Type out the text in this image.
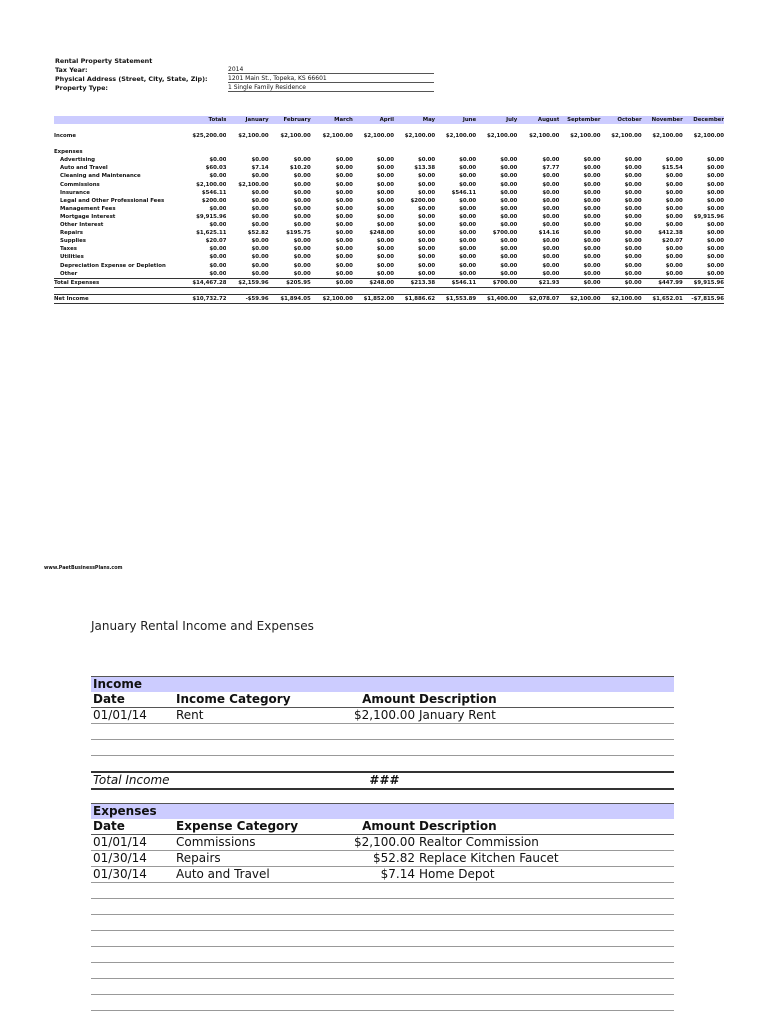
Rental Property Statement
Tax Year:	2014
Physical Address (Street, City, State, Zip):	1201 Main St., Topeka, KS 66601
Property Type:	1 Single Family Residence
	Totals	January	February	March	April	May	June	July	August	September	October	November	December

Income	$25,200.00	$2,100.00	$2,100.00	$2,100.00	$2,100.00	$2,100.00	$2,100.00	$2,100.00	$2,100.00	$2,100.00	$2,100.00	$2,100.00	$2,100.00

Expenses													
Advertising	$0.00	$0.00	$0.00	$0.00	$0.00	$0.00	$0.00	$0.00	$0.00	$0.00	$0.00	$0.00	$0.00
Auto and Travel	$60.03	$7.14	$10.20	$0.00	$0.00	$13.38	$0.00	$0.00	$7.77	$0.00	$0.00	$15.54	$0.00
Cleaning and Maintenance	$0.00	$0.00	$0.00	$0.00	$0.00	$0.00	$0.00	$0.00	$0.00	$0.00	$0.00	$0.00	$0.00
Commissions	$2,100.00	$2,100.00	$0.00	$0.00	$0.00	$0.00	$0.00	$0.00	$0.00	$0.00	$0.00	$0.00	$0.00
Insurance	$546.11	$0.00	$0.00	$0.00	$0.00	$0.00	$546.11	$0.00	$0.00	$0.00	$0.00	$0.00	$0.00
Legal and Other Professional Fees	$200.00	$0.00	$0.00	$0.00	$0.00	$200.00	$0.00	$0.00	$0.00	$0.00	$0.00	$0.00	$0.00
Management Fees	$0.00	$0.00	$0.00	$0.00	$0.00	$0.00	$0.00	$0.00	$0.00	$0.00	$0.00	$0.00	$0.00
Mortgage Interest	$9,915.96	$0.00	$0.00	$0.00	$0.00	$0.00	$0.00	$0.00	$0.00	$0.00	$0.00	$0.00	$9,915.96
Other Interest	$0.00	$0.00	$0.00	$0.00	$0.00	$0.00	$0.00	$0.00	$0.00	$0.00	$0.00	$0.00	$0.00
Repairs	$1,625.11	$52.82	$195.75	$0.00	$248.00	$0.00	$0.00	$700.00	$14.16	$0.00	$0.00	$412.38	$0.00
Supplies	$20.07	$0.00	$0.00	$0.00	$0.00	$0.00	$0.00	$0.00	$0.00	$0.00	$0.00	$20.07	$0.00
Taxes	$0.00	$0.00	$0.00	$0.00	$0.00	$0.00	$0.00	$0.00	$0.00	$0.00	$0.00	$0.00	$0.00
Utilities	$0.00	$0.00	$0.00	$0.00	$0.00	$0.00	$0.00	$0.00	$0.00	$0.00	$0.00	$0.00	$0.00
Depreciation Expense or Depletion	$0.00	$0.00	$0.00	$0.00	$0.00	$0.00	$0.00	$0.00	$0.00	$0.00	$0.00	$0.00	$0.00
Other	$0.00	$0.00	$0.00	$0.00	$0.00	$0.00	$0.00	$0.00	$0.00	$0.00	$0.00	$0.00	$0.00
Total Expenses	$14,467.28	$2,159.96	$205.95	$0.00	$248.00	$213.38	$546.11	$700.00	$21.93	$0.00	$0.00	$447.99	$9,915.96

Net Income	$10,732.72	-$59.96	$1,894.05	$2,100.00	$1,852.00	$1,886.62	$1,553.89	$1,400.00	$2,078.07	$2,100.00	$2,100.00	$1,652.01	-$7,815.96
www.PaetBusinessPlans.com
January Rental Income and Expenses
Income			
Date	Income Category	Amount	Description
01/01/14	Rent	$2,100.00	January Rent

Total Income		###	
Expenses			
Date	Expense Category	Amount	Description
01/01/14	Commissions	$2,100.00	Realtor Commission
01/30/14	Repairs	$52.82	Replace Kitchen Faucet
01/30/14	Auto and Travel	$7.14	Home Depot
